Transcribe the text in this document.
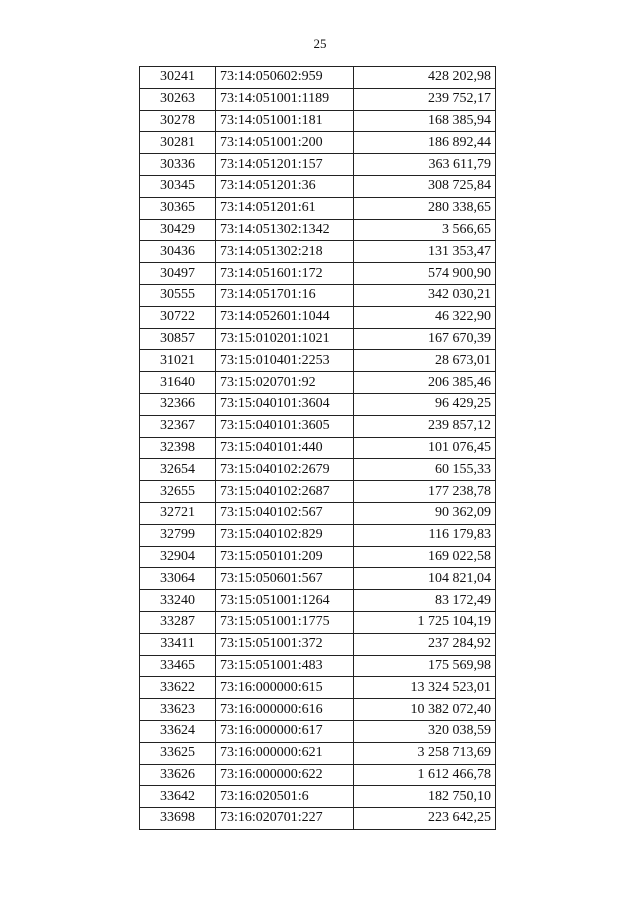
25
30241	73:14:050602:959	428 202,98
30263	73:14:051001:1189	239 752,17
30278	73:14:051001:181	168 385,94
30281	73:14:051001:200	186 892,44
30336	73:14:051201:157	363 611,79
30345	73:14:051201:36	308 725,84
30365	73:14:051201:61	280 338,65
30429	73:14:051302:1342	3 566,65
30436	73:14:051302:218	131 353,47
30497	73:14:051601:172	574 900,90
30555	73:14:051701:16	342 030,21
30722	73:14:052601:1044	46 322,90
30857	73:15:010201:1021	167 670,39
31021	73:15:010401:2253	28 673,01
31640	73:15:020701:92	206 385,46
32366	73:15:040101:3604	96 429,25
32367	73:15:040101:3605	239 857,12
32398	73:15:040101:440	101 076,45
32654	73:15:040102:2679	60 155,33
32655	73:15:040102:2687	177 238,78
32721	73:15:040102:567	90 362,09
32799	73:15:040102:829	116 179,83
32904	73:15:050101:209	169 022,58
33064	73:15:050601:567	104 821,04
33240	73:15:051001:1264	83 172,49
33287	73:15:051001:1775	1 725 104,19
33411	73:15:051001:372	237 284,92
33465	73:15:051001:483	175 569,98
33622	73:16:000000:615	13 324 523,01
33623	73:16:000000:616	10 382 072,40
33624	73:16:000000:617	320 038,59
33625	73:16:000000:621	3 258 713,69
33626	73:16:000000:622	1 612 466,78
33642	73:16:020501:6	182 750,10
33698	73:16:020701:227	223 642,25
